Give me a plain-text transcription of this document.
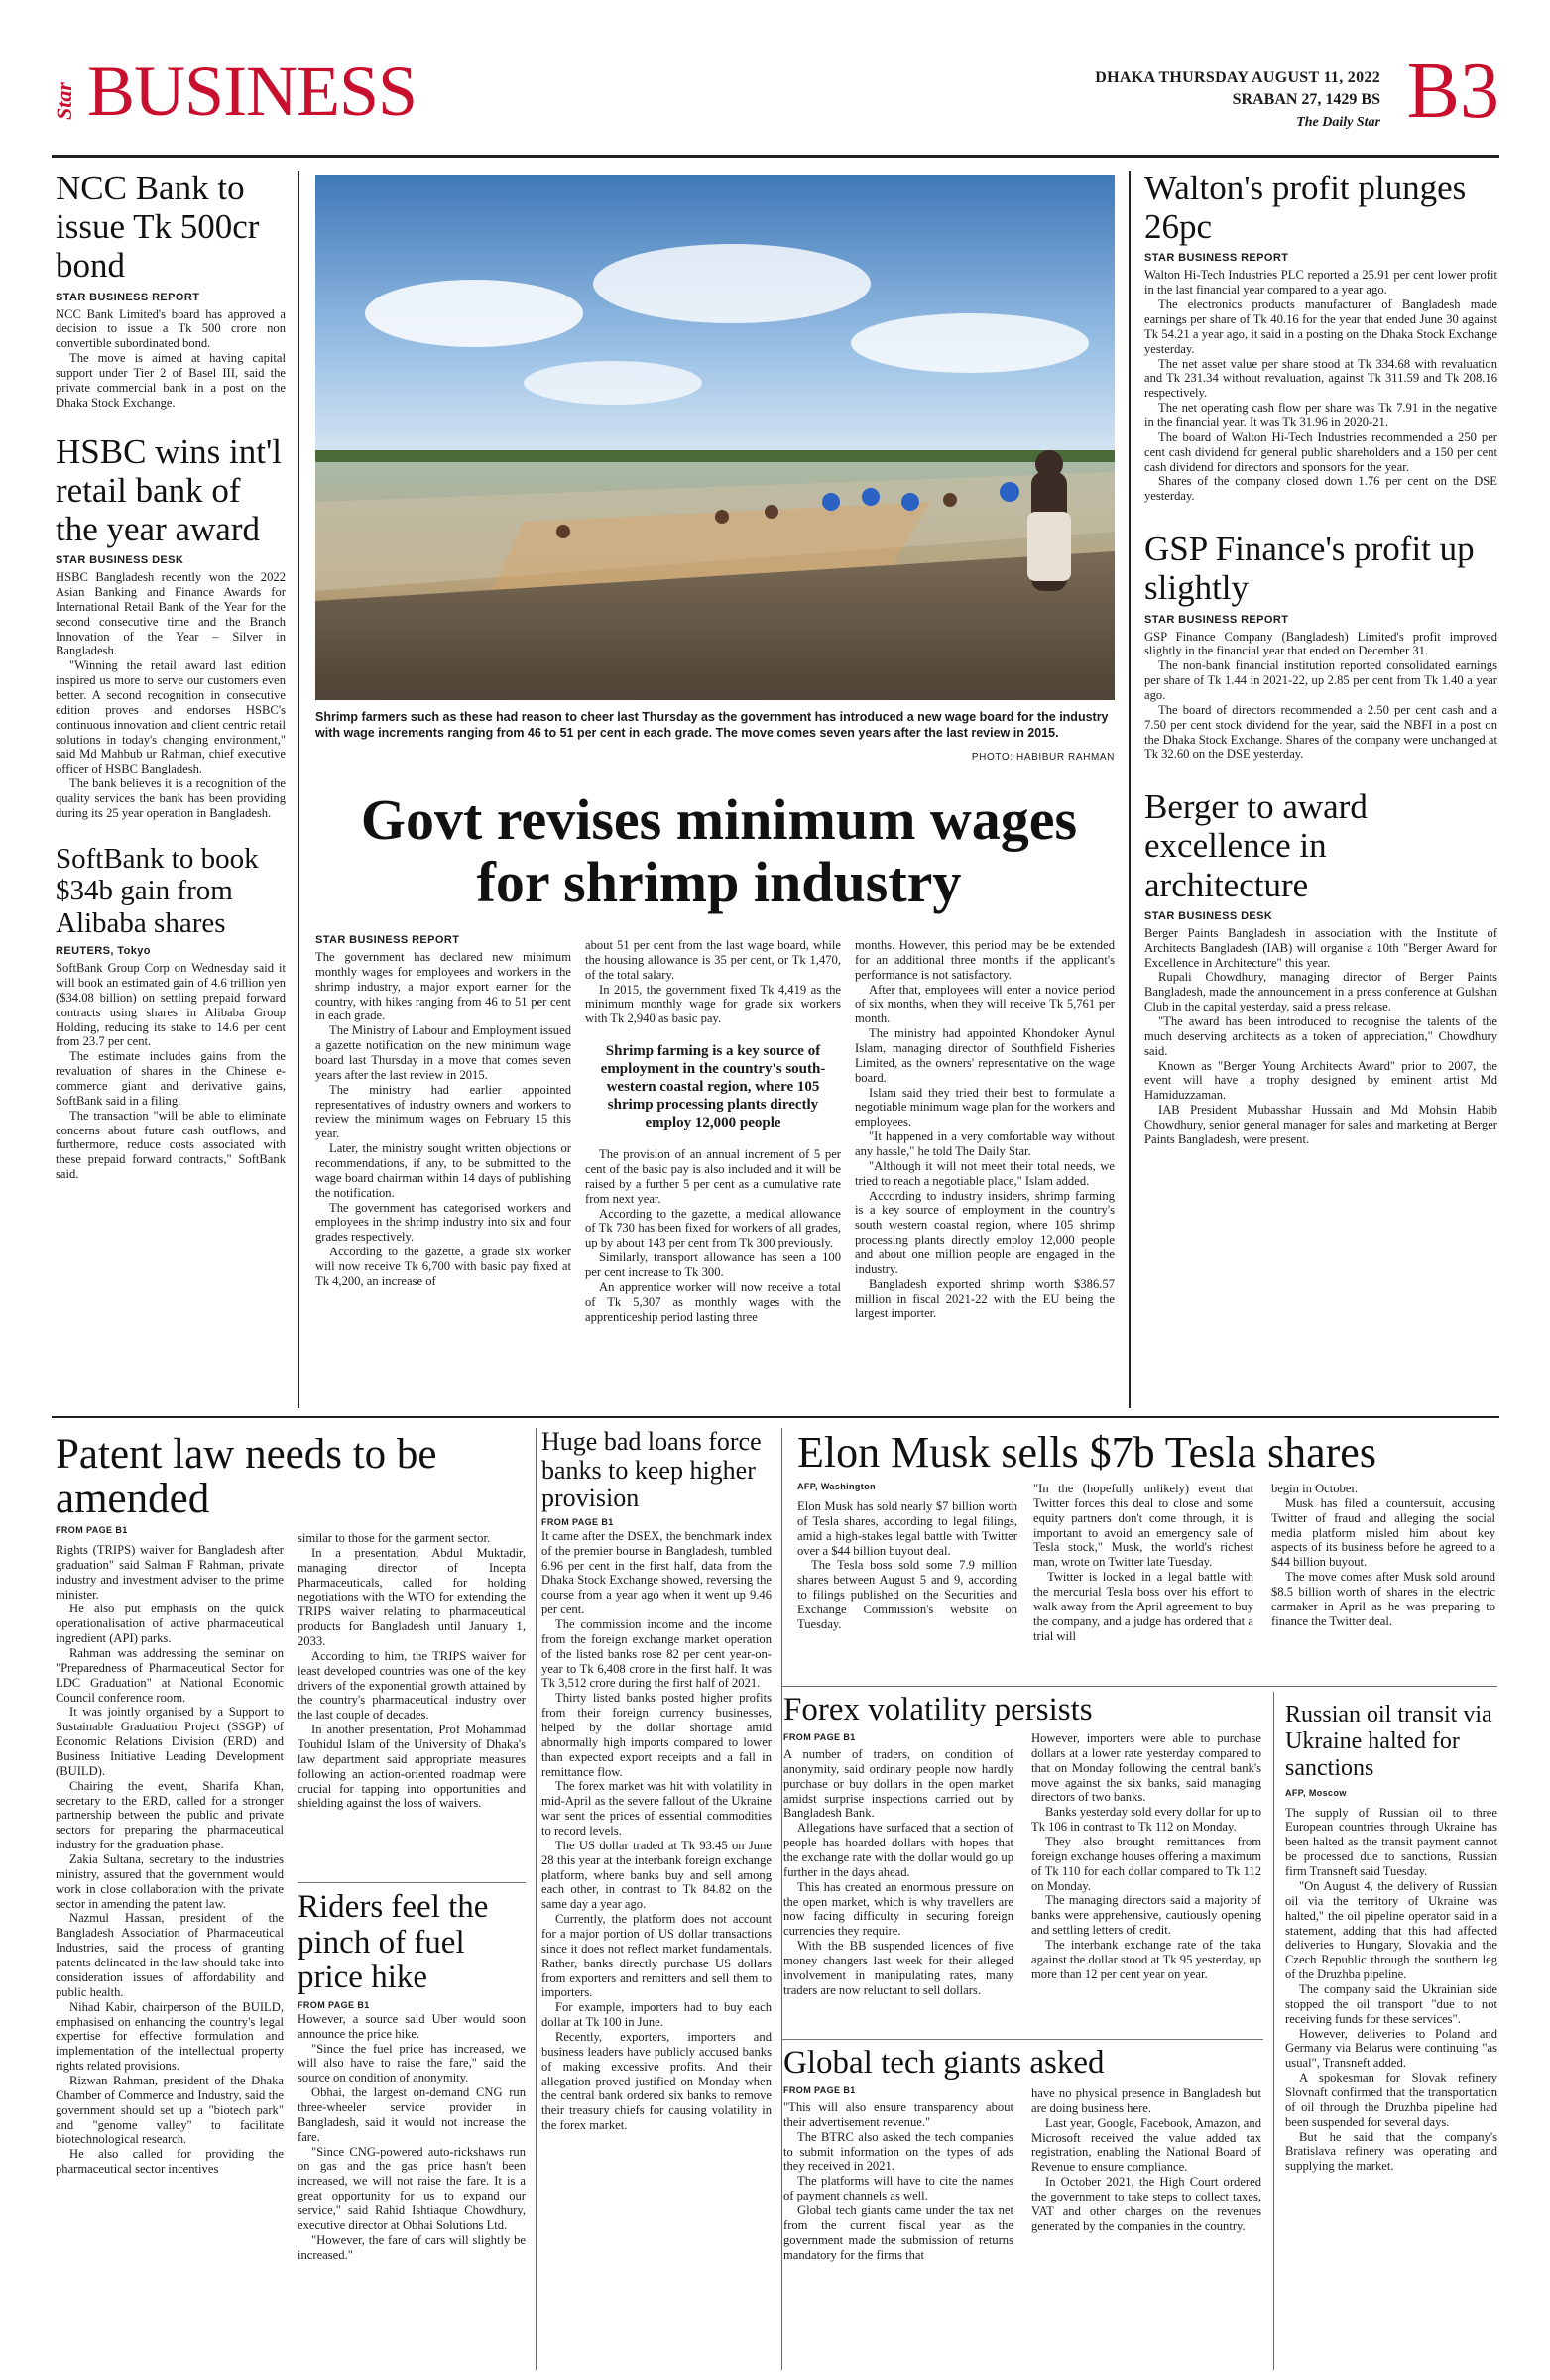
Star BUSINESS	DHAKA THURSDAY AUGUST 11, 2022
SRABAN 27, 1429 BS
The Daily Star B3
NCC Bank to issue Tk 500cr bond
STAR BUSINESS REPORT

NCC Bank Limited's board has approved a decision to issue a Tk 500 crore non convertible subordinated bond.

The move is aimed at having capital support under Tier 2 of Basel III, said the private commercial bank in a post on the Dhaka Stock Exchange.

HSBC wins int'l retail bank of the year award
STAR BUSINESS DESK

HSBC Bangladesh recently won the 2022 Asian Banking and Finance Awards for International Retail Bank of the Year for the second consecutive time and the Branch Innovation of the Year – Silver in Bangladesh.

"Winning the retail award last edition inspired us more to serve our customers even better. A second recognition in consecutive edition proves and endorses HSBC's continuous innovation and client centric retail solutions in today's changing environment," said Md Mahbub ur Rahman, chief executive officer of HSBC Bangladesh.

The bank believes it is a recognition of the quality services the bank has been providing during its 25 year operation in Bangladesh.

SoftBank to book $34b gain from Alibaba shares
REUTERS, Tokyo

SoftBank Group Corp on Wednesday said it will book an estimated gain of 4.6 trillion yen ($34.08 billion) on settling prepaid forward contracts using shares in Alibaba Group Holding, reducing its stake to 14.6 per cent from 23.7 per cent.

The estimate includes gains from the revaluation of shares in the Chinese e-commerce giant and derivative gains, SoftBank said in a filing.

The transaction "will be able to eliminate concerns about future cash outflows, and furthermore, reduce costs associated with these prepaid forward contracts," SoftBank said.

Shrimp farmers such as these had reason to cheer last Thursday as the government has introduced a new wage board for the industry with wage increments ranging from 46 to 51 per cent in each grade. The move comes seven years after the last review in 2015.
PHOTO: HABIBUR RAHMAN
Govt revises minimum wages for shrimp industry
STAR BUSINESS REPORT

The government has declared new minimum monthly wages for employees and workers in the shrimp industry, a major export earner for the country, with hikes ranging from 46 to 51 per cent in each grade.

The Ministry of Labour and Employment issued a gazette notification on the new minimum wage board last Thursday in a move that comes seven years after the last review in 2015.

The ministry had earlier appointed representatives of industry owners and workers to review the minimum wages on February 15 this year.

Later, the ministry sought written objections or recommendations, if any, to be submitted to the wage board chairman within 14 days of publishing the notification.

The government has categorised workers and employees in the shrimp industry into six and four grades respectively.

According to the gazette, a grade six worker will now receive Tk 6,700 with basic pay fixed at Tk 4,200, an increase of

about 51 per cent from the last wage board, while the housing allowance is 35 per cent, or Tk 1,470, of the total salary.

In 2015, the government fixed Tk 4,419 as the minimum monthly wage for grade six workers with Tk 2,940 as basic pay.

Shrimp farming is a key source of employment in the country's south-western coastal region, where 105 shrimp processing plants directly employ 12,000 people

The provision of an annual increment of 5 per cent of the basic pay is also included and it will be raised by a further 5 per cent as a cumulative rate from next year.

According to the gazette, a medical allowance of Tk 730 has been fixed for workers of all grades, up by about 143 per cent from Tk 300 previously.

Similarly, transport allowance has seen a 100 per cent increase to Tk 300.

An apprentice worker will now receive a total of Tk 5,307 as monthly wages with the apprenticeship period lasting three

months. However, this period may be be extended for an additional three months if the applicant's performance is not satisfactory.

After that, employees will enter a novice period of six months, when they will receive Tk 5,761 per month.

The ministry had appointed Khondoker Aynul Islam, managing director of Southfield Fisheries Limited, as the owners' representative on the wage board.

Islam said they tried their best to formulate a negotiable minimum wage plan for the workers and employees.

"It happened in a very comfortable way without any hassle," he told The Daily Star.

"Although it will not meet their total needs, we tried to reach a negotiable place," Islam added.

According to industry insiders, shrimp farming is a key source of employment in the country's south western coastal region, where 105 shrimp processing plants directly employ 12,000 people and about one million people are engaged in the industry.

Bangladesh exported shrimp worth $386.57 million in fiscal 2021-22 with the EU being the largest importer.

Walton's profit plunges 26pc
STAR BUSINESS REPORT

Walton Hi-Tech Industries PLC reported a 25.91 per cent lower profit in the last financial year compared to a year ago.

The electronics products manufacturer of Bangladesh made earnings per share of Tk 40.16 for the year that ended June 30 against Tk 54.21 a year ago, it said in a posting on the Dhaka Stock Exchange yesterday.

The net asset value per share stood at Tk 334.68 with revaluation and Tk 231.34 without revaluation, against Tk 311.59 and Tk 208.16 respectively.

The net operating cash flow per share was Tk 7.91 in the negative in the financial year. It was Tk 31.96 in 2020-21.

The board of Walton Hi-Tech Industries recommended a 250 per cent cash dividend for general public shareholders and a 150 per cent cash dividend for directors and sponsors for the year.

Shares of the company closed down 1.76 per cent on the DSE yesterday.

GSP Finance's profit up slightly
STAR BUSINESS REPORT

GSP Finance Company (Bangladesh) Limited's profit improved slightly in the financial year that ended on December 31.

The non-bank financial institution reported consolidated earnings per share of Tk 1.44 in 2021-22, up 2.85 per cent from Tk 1.40 a year ago.

The board of directors recommended a 2.50 per cent cash and a 7.50 per cent stock dividend for the year, said the NBFI in a post on the Dhaka Stock Exchange. Shares of the company were unchanged at Tk 32.60 on the DSE yesterday.

Berger to award excellence in architecture
STAR BUSINESS DESK

Berger Paints Bangladesh in association with the Institute of Architects Bangladesh (IAB) will organise a 10th "Berger Award for Excellence in Architecture" this year.

Rupali Chowdhury, managing director of Berger Paints Bangladesh, made the announcement in a press conference at Gulshan Club in the capital yesterday, said a press release.

"The award has been introduced to recognise the talents of the much deserving architects as a token of appreciation," Chowdhury said.

Known as "Berger Young Architects Award" prior to 2007, the event will have a trophy designed by eminent artist Md Hamiduzzaman.

IAB President Mubasshar Hussain and Md Mohsin Habib Chowdhury, senior general manager for sales and marketing at Berger Paints Bangladesh, were present.

Patent law needs to be amended
FROM PAGE B1

Rights (TRIPS) waiver for Bangladesh after graduation" said Salman F Rahman, private industry and investment adviser to the prime minister.

He also put emphasis on the quick operationalisation of active pharmaceutical ingredient (API) parks.

Rahman was addressing the seminar on "Preparedness of Pharmaceutical Sector for LDC Graduation" at National Economic Council conference room.

It was jointly organised by a Support to Sustainable Graduation Project (SSGP) of Economic Relations Division (ERD) and Business Initiative Leading Development (BUILD).

Chairing the event, Sharifa Khan, secretary to the ERD, called for a stronger partnership between the public and private sectors for preparing the pharmaceutical industry for the graduation phase.

Zakia Sultana, secretary to the industries ministry, assured that the government would work in close collaboration with the private sector in amending the patent law.

Nazmul Hassan, president of the Bangladesh Association of Pharmaceutical Industries, said the process of granting patents delineated in the law should take into consideration issues of affordability and public health.

Nihad Kabir, chairperson of the BUILD, emphasised on enhancing the country's legal expertise for effective formulation and implementation of the intellectual property rights related provisions.

Rizwan Rahman, president of the Dhaka Chamber of Commerce and Industry, said the government should set up a "biotech park" and "genome valley" to facilitate biotechnological research.

He also called for providing the pharmaceutical sector incentives

similar to those for the garment sector.

In a presentation, Abdul Muktadir, managing director of Incepta Pharmaceuticals, called for holding negotiations with the WTO for extending the TRIPS waiver relating to pharmaceutical products for Bangladesh until January 1, 2033.

According to him, the TRIPS waiver for least developed countries was one of the key drivers of the exponential growth attained by the country's pharmaceutical industry over the last couple of decades.

In another presentation, Prof Mohammad Touhidul Islam of the University of Dhaka's law department said appropriate measures following an action-oriented roadmap were crucial for tapping into opportunities and shielding against the loss of waivers.

Riders feel the pinch of fuel price hike
FROM PAGE B1

However, a source said Uber would soon announce the price hike.

"Since the fuel price has increased, we will also have to raise the fare," said the source on condition of anonymity.

Obhai, the largest on-demand CNG run three-wheeler service provider in Bangladesh, said it would not increase the fare.

"Since CNG-powered auto-rickshaws run on gas and the gas price hasn't been increased, we will not raise the fare. It is a great opportunity for us to expand our service," said Rahid Ishtiaque Chowdhury, executive director at Obhai Solutions Ltd.

"However, the fare of cars will slightly be increased."

Huge bad loans force banks to keep higher provision
FROM PAGE B1

It came after the DSEX, the benchmark index of the premier bourse in Bangladesh, tumbled 6.96 per cent in the first half, data from the Dhaka Stock Exchange showed, reversing the course from a year ago when it went up 9.46 per cent.

The commission income and the income from the foreign exchange market operation of the listed banks rose 82 per cent year-on-year to Tk 6,408 crore in the first half. It was Tk 3,512 crore during the first half of 2021.

Thirty listed banks posted higher profits from their foreign currency businesses, helped by the dollar shortage amid abnormally high imports compared to lower than expected export receipts and a fall in remittance flow.

The forex market was hit with volatility in mid-April as the severe fallout of the Ukraine war sent the prices of essential commodities to record levels.

The US dollar traded at Tk 93.45 on June 28 this year at the interbank foreign exchange platform, where banks buy and sell among each other, in contrast to Tk 84.82 on the same day a year ago.

Currently, the platform does not account for a major portion of US dollar transactions since it does not reflect market fundamentals. Rather, banks directly purchase US dollars from exporters and remitters and sell them to importers.

For example, importers had to buy each dollar at Tk 100 in June.

Recently, exporters, importers and business leaders have publicly accused banks of making excessive profits. And their allegation proved justified on Monday when the central bank ordered six banks to remove their treasury chiefs for causing volatility in the forex market.

Elon Musk sells $7b Tesla shares
AFP, Washington

Elon Musk has sold nearly $7 billion worth of Tesla shares, according to legal filings, amid a high-stakes legal battle with Twitter over a $44 billion buyout deal.

The Tesla boss sold some 7.9 million shares between August 5 and 9, according to filings published on the Securities and Exchange Commission's website on Tuesday.

"In the (hopefully unlikely) event that Twitter forces this deal to close and some equity partners don't come through, it is important to avoid an emergency sale of Tesla stock," Musk, the world's richest man, wrote on Twitter late Tuesday.

Twitter is locked in a legal battle with the mercurial Tesla boss over his effort to walk away from the April agreement to buy the company, and a judge has ordered that a trial will

begin in October.

Musk has filed a countersuit, accusing Twitter of fraud and alleging the social media platform misled him about key aspects of its business before he agreed to a $44 billion buyout.

The move comes after Musk sold around $8.5 billion worth of shares in the electric carmaker in April as he was preparing to finance the Twitter deal.

Forex volatility persists
FROM PAGE B1

A number of traders, on condition of anonymity, said ordinary people now hardly purchase or buy dollars in the open market amidst surprise inspections carried out by Bangladesh Bank.

Allegations have surfaced that a section of people has hoarded dollars with hopes that the exchange rate with the dollar would go up further in the days ahead.

This has created an enormous pressure on the open market, which is why travellers are now facing difficulty in securing foreign currencies they require.

With the BB suspended licences of five money changers last week for their alleged involvement in manipulating rates, many traders are now reluctant to sell dollars.

However, importers were able to purchase dollars at a lower rate yesterday compared to that on Monday following the central bank's move against the six banks, said managing directors of two banks.

Banks yesterday sold every dollar for up to Tk 106 in contrast to Tk 112 on Monday.

They also brought remittances from foreign exchange houses offering a maximum of Tk 110 for each dollar compared to Tk 112 on Monday.

The managing directors said a majority of banks were apprehensive, cautiously opening and settling letters of credit.

The interbank exchange rate of the taka against the dollar stood at Tk 95 yesterday, up more than 12 per cent year on year.

Global tech giants asked
FROM PAGE B1

"This will also ensure transparency about their advertisement revenue."

The BTRC also asked the tech companies to submit information on the types of ads they received in 2021.

The platforms will have to cite the names of payment channels as well.

Global tech giants came under the tax net from the current fiscal year as the government made the submission of returns mandatory for the firms that

have no physical presence in Bangladesh but are doing business here.

Last year, Google, Facebook, Amazon, and Microsoft received the value added tax registration, enabling the National Board of Revenue to ensure compliance.

In October 2021, the High Court ordered the government to take steps to collect taxes, VAT and other charges on the revenues generated by the companies in the country.

Russian oil transit via Ukraine halted for sanctions
AFP, Moscow

The supply of Russian oil to three European countries through Ukraine has been halted as the transit payment cannot be processed due to sanctions, Russian firm Transneft said Tuesday.

"On August 4, the delivery of Russian oil via the territory of Ukraine was halted," the oil pipeline operator said in a statement, adding that this had affected deliveries to Hungary, Slovakia and the Czech Republic through the southern leg of the Druzhba pipeline.

The company said the Ukrainian side stopped the oil transport "due to not receiving funds for these services".

However, deliveries to Poland and Germany via Belarus were continuing "as usual", Transneft added.

A spokesman for Slovak refinery Slovnaft confirmed that the transportation of oil through the Druzhba pipeline had been suspended for several days.

But he said that the company's Bratislava refinery was operating and supplying the market.
